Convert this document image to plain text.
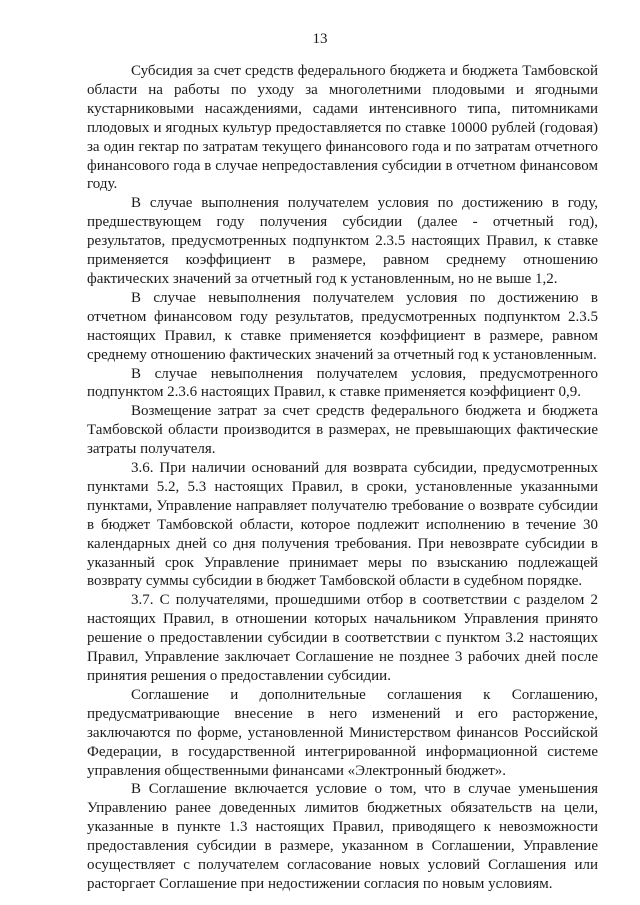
13

Субсидия за счет средств федерального бюджета и бюджета Тамбовской области на работы по уходу за многолетними плодовыми и ягодными кустарниковыми насаждениями, садами интенсивного типа, питомниками плодовых и ягодных культур предоставляется по ставке 10000 рублей (годовая) за один гектар по затратам текущего финансового года и по затратам отчетного финансового года в случае непредоставления субсидии в отчетном финансовом году.

В случае выполнения получателем условия по достижению в году, предшествующем году получения субсидии (далее - отчетный год), результатов, предусмотренных подпунктом 2.3.5 настоящих Правил, к ставке применяется коэффициент в размере, равном среднему отношению фактических значений за отчетный год к установленным, но не выше 1,2.

В случае невыполнения получателем условия по достижению в отчетном финансовом году результатов, предусмотренных подпунктом 2.3.5 настоящих Правил, к ставке применяется коэффициент в размере, равном среднему отношению фактических значений за отчетный год к установленным.

В случае невыполнения получателем условия, предусмотренного подпунктом 2.3.6 настоящих Правил, к ставке применяется коэффициент 0,9.

Возмещение затрат за счет средств федерального бюджета и бюджета Тамбовской области производится в размерах, не превышающих фактические затраты получателя.

3.6. При наличии оснований для возврата субсидии, предусмотренных пунктами 5.2, 5.3 настоящих Правил, в сроки, установленные указанными пунктами, Управление направляет получателю требование о возврате субсидии в бюджет Тамбовской области, которое подлежит исполнению в течение 30 календарных дней со дня получения требования. При невозврате субсидии в указанный срок Управление принимает меры по взысканию подлежащей возврату суммы субсидии в бюджет Тамбовской области в судебном порядке.

3.7. С получателями, прошедшими отбор в соответствии с разделом 2 настоящих Правил, в отношении которых начальником Управления принято решение о предоставлении субсидии в соответствии с пунктом 3.2 настоящих Правил, Управление заключает Соглашение не позднее 3 рабочих дней после принятия решения о предоставлении субсидии.

Соглашение и дополнительные соглашения к Соглашению, предусматривающие внесение в него изменений и его расторжение, заключаются по форме, установленной Министерством финансов Российской Федерации, в государственной интегрированной информационной системе управления общественными финансами «Электронный бюджет».

В Соглашение включается условие о том, что в случае уменьшения Управлению ранее доведенных лимитов бюджетных обязательств на цели, указанные в пункте 1.3 настоящих Правил, приводящего к невозможности предоставления субсидии в размере, указанном в Соглашении, Управление осуществляет с получателем согласование новых условий Соглашения или расторгает Соглашение при недостижении согласия по новым условиям.
